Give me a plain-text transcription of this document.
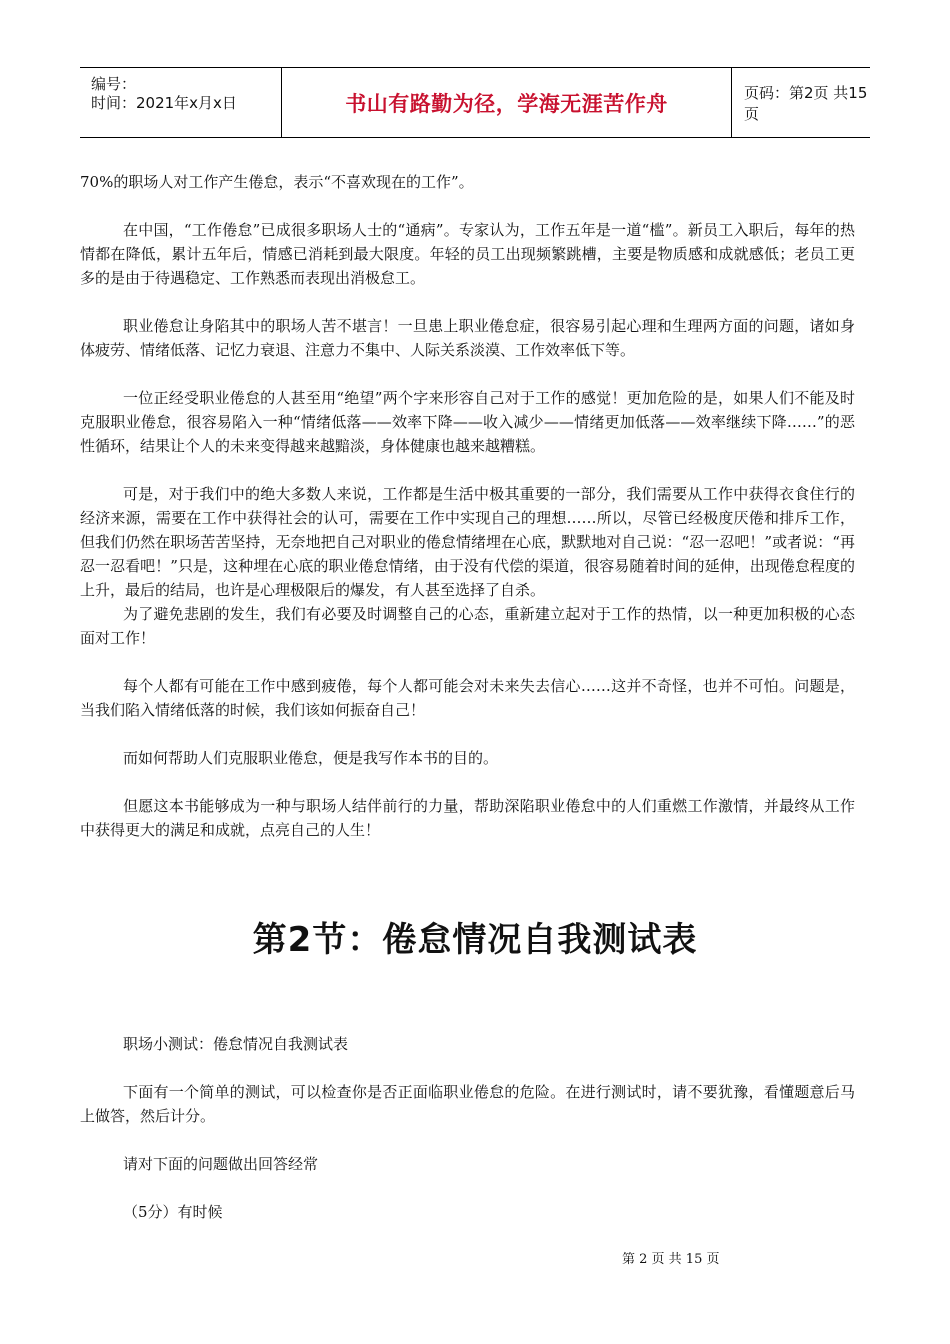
编号：
时间：2021年x月x日	书山有路勤为径，学海无涯苦作舟	页码：第2页 共15页

70%的职场人对工作产生倦怠，表示“不喜欢现在的工作”。

在中国，“工作倦怠”已成很多职场人士的“通病”。专家认为，工作五年是一道“槛”。新员工入职后，每年的热情都在降低，累计五年后，情感已消耗到最大限度。年轻的员工出现频繁跳槽，主要是物质感和成就感低；老员工更多的是由于待遇稳定、工作熟悉而表现出消极怠工。

职业倦怠让身陷其中的职场人苦不堪言！一旦患上职业倦怠症，很容易引起心理和生理两方面的问题，诸如身体疲劳、情绪低落、记忆力衰退、注意力不集中、人际关系淡漠、工作效率低下等。

一位正经受职业倦怠的人甚至用“绝望”两个字来形容自己对于工作的感觉！更加危险的是，如果人们不能及时克服职业倦怠，很容易陷入一种“情绪低落——效率下降——收入减少——情绪更加低落——效率继续下降……”的恶性循环，结果让个人的未来变得越来越黯淡，身体健康也越来越糟糕。

可是，对于我们中的绝大多数人来说，工作都是生活中极其重要的一部分，我们需要从工作中获得衣食住行的经济来源，需要在工作中获得社会的认可，需要在工作中实现自己的理想……所以，尽管已经极度厌倦和排斥工作，但我们仍然在职场苦苦坚持，无奈地把自己对职业的倦怠情绪埋在心底，默默地对自己说：“忍一忍吧！”或者说：“再忍一忍看吧！”只是，这种埋在心底的职业倦怠情绪，由于没有代偿的渠道，很容易随着时间的延伸，出现倦怠程度的上升，最后的结局，也许是心理极限后的爆发，有人甚至选择了自杀。

为了避免悲剧的发生，我们有必要及时调整自己的心态，重新建立起对于工作的热情，以一种更加积极的心态面对工作！

每个人都有可能在工作中感到疲倦，每个人都可能会对未来失去信心……这并不奇怪，也并不可怕。问题是，当我们陷入情绪低落的时候，我们该如何振奋自己！

而如何帮助人们克服职业倦怠，便是我写作本书的目的。

但愿这本书能够成为一种与职场人结伴前行的力量，帮助深陷职业倦怠中的人们重燃工作激情，并最终从工作中获得更大的满足和成就，点亮自己的人生！

第2节：倦怠情况自我测试表

职场小测试：倦怠情况自我测试表

下面有一个简单的测试，可以检查你是否正面临职业倦怠的危险。在进行测试时，请不要犹豫，看懂题意后马上做答，然后计分。

请对下面的问题做出回答经常

（5分）有时候

第 2 页 共 15 页
